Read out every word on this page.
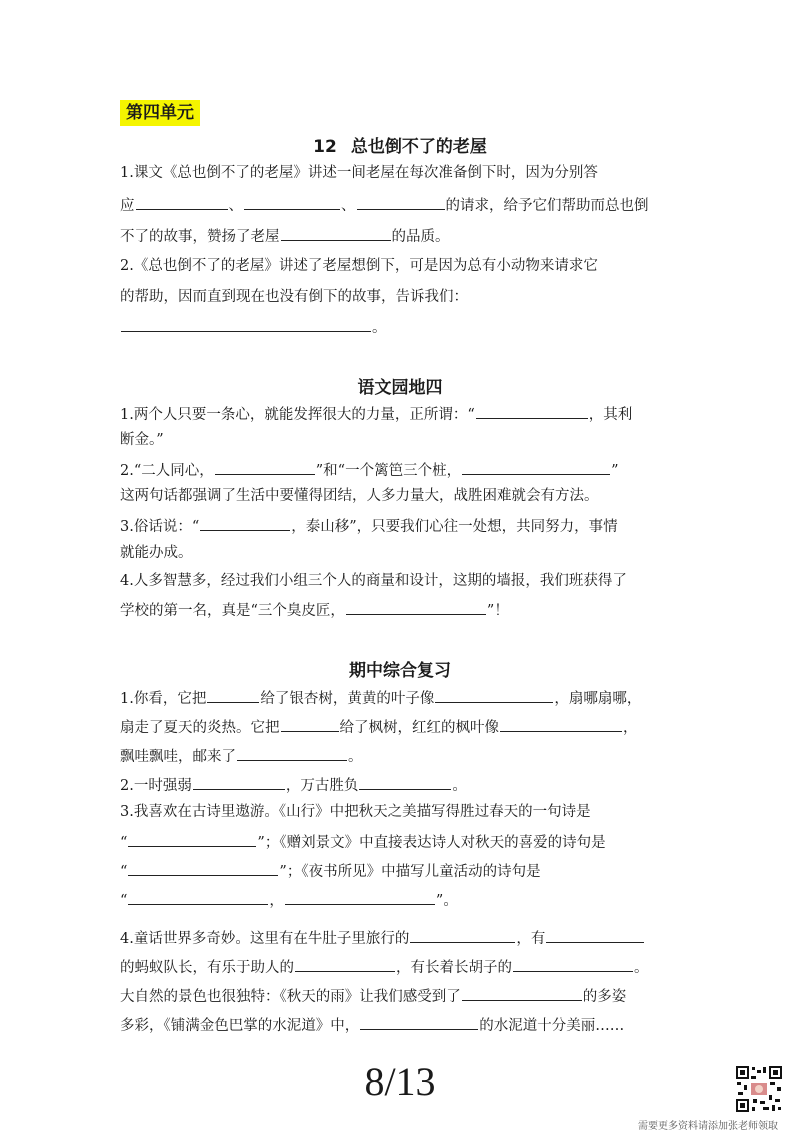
第四单元
12 总也倒不了的老屋
1.课文《总也倒不了的老屋》讲述一间老屋在每次准备倒下时，因为分别答
应	、	、	的请求，给予它们帮助而总也倒
不了的故事，赞扬了老屋	的品质。
2.《总也倒不了的老屋》讲述了老屋想倒下，可是因为总有小动物来请求它
的帮助，因而直到现在也没有倒下的故事，告诉我们：
。
语文园地四
1.两个人只要一条心，就能发挥很大的力量，正所谓：“	，其利
断金。”
2.“二人同心，	”和“一个篱笆三个桩，	”
这两句话都强调了生活中要懂得团结，人多力量大，战胜困难就会有方法。
3.俗话说：“	，泰山移”，只要我们心往一处想，共同努力，事情
就能办成。
4.人多智慧多，经过我们小组三个人的商量和设计，这期的墙报，我们班获得了
学校的第一名，真是“三个臭皮匠，	”！
期中综合复习
1.你看，它把	给了银杏树，黄黄的叶子像	，扇哪扇哪，
扇走了夏天的炎热。它把	给了枫树，红红的枫叶像	，
飘哇飘哇，邮来了	。
2.一时强弱	，万古胜负	。
3.我喜欢在古诗里遨游。《山行》中把秋天之美描写得胜过春天的一句诗是
“	”；《赠刘景文》中直接表达诗人对秋天的喜爱的诗句是
“	”；《夜书所见》中描写儿童活动的诗句是
“	，	”。
4.童话世界多奇妙。这里有在牛肚子里旅行的	，有
的蚂蚁队长，有乐于助人的	，有长着长胡子的	。
大自然的景色也很独特：《秋天的雨》让我们感受到了	的多姿
多彩，《铺满金色巴掌的水泥道》中，	的水泥道十分美丽……
8/13
需要更多资料请添加张老师领取
